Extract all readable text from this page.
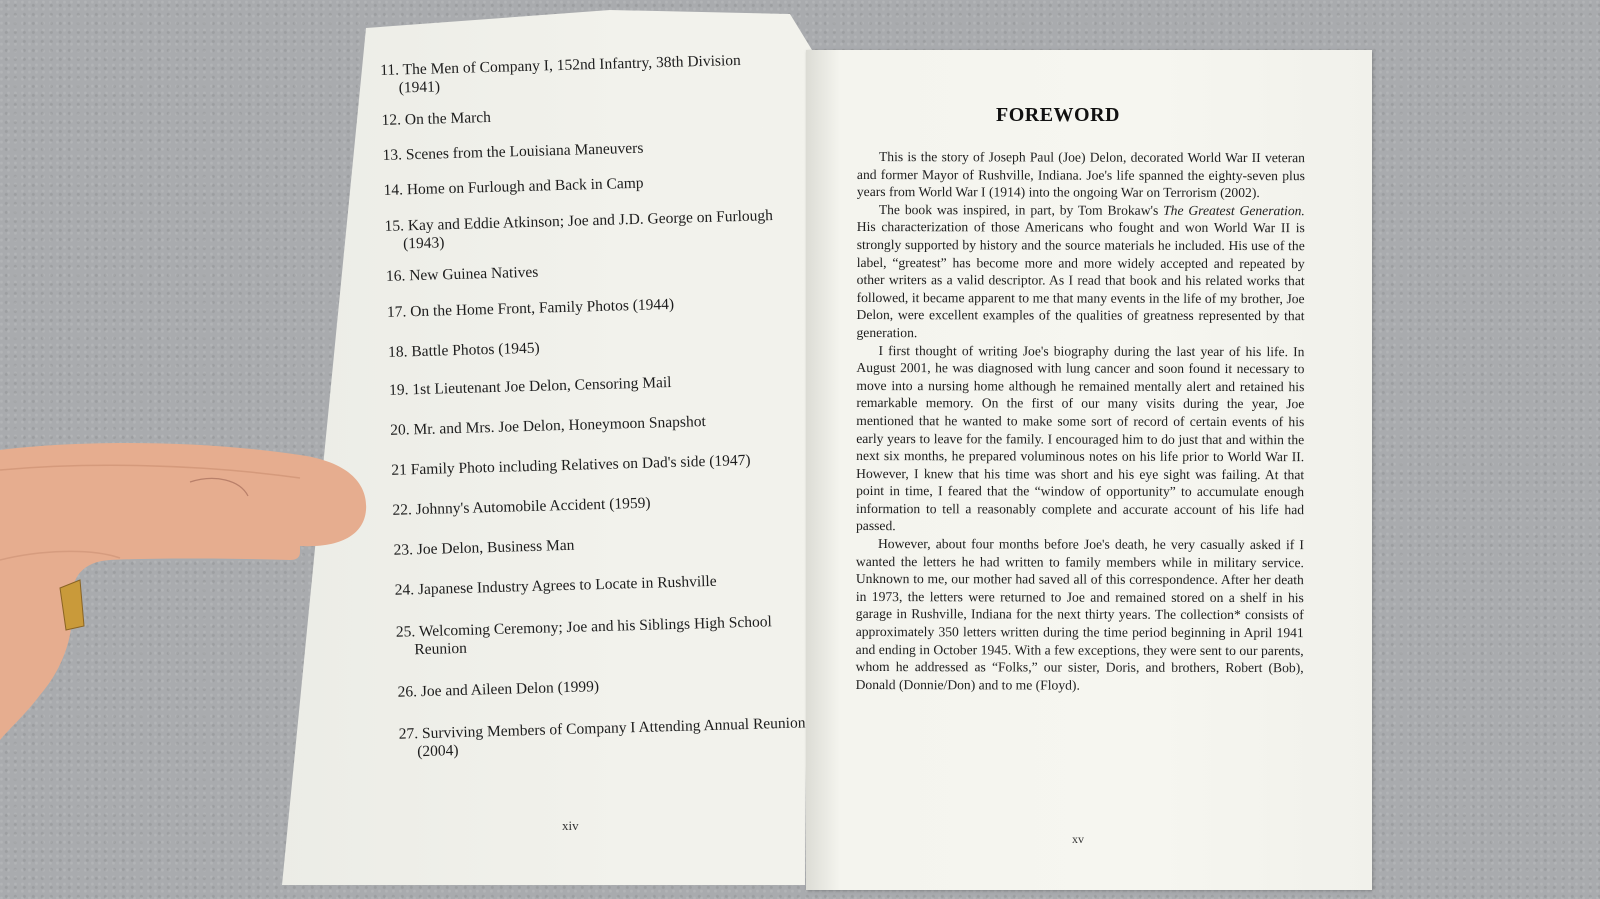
11. The Men of Company I, 152nd Infantry, 38th Division
(1941)
12. On the March
13. Scenes from the Louisiana Maneuvers
14. Home on Furlough and Back in Camp
15. Kay and Eddie Atkinson; Joe and J.D. George on Furlough
(1943)
16. New Guinea Natives
17. On the Home Front, Family Photos (1944)
18. Battle Photos (1945)
19. 1st Lieutenant Joe Delon, Censoring Mail
20. Mr. and Mrs. Joe Delon, Honeymoon Snapshot
21 Family Photo including Relatives on Dad's side (1947)
22. Johnny's Automobile Accident (1959)
23. Joe Delon, Business Man
24. Japanese Industry Agrees to Locate in Rushville
25. Welcoming Ceremony; Joe and his Siblings High School
Reunion
26. Joe and Aileen Delon (1999)
27. Surviving Members of Company I Attending Annual Reunion
(2004)
xiv
FOREWORD

This is the story of Joseph Paul (Joe) Delon, decorated World War II veteran and former Mayor of Rushville, Indiana. Joe's life spanned the eighty-seven plus years from World War I (1914) into the ongoing War on Terrorism (2002).

The book was inspired, in part, by Tom Brokaw's The Greatest Generation. His characterization of those Americans who fought and won World War II is strongly supported by history and the source materials he included. His use of the label, “greatest” has become more and more widely accepted and repeated by other writers as a valid descriptor. As I read that book and his related works that followed, it became apparent to me that many events in the life of my brother, Joe Delon, were excellent examples of the qualities of greatness represented by that generation.

I first thought of writing Joe's biography during the last year of his life. In August 2001, he was diagnosed with lung cancer and soon found it necessary to move into a nursing home although he remained mentally alert and retained his remarkable memory. On the first of our many visits during the year, Joe mentioned that he wanted to make some sort of record of certain events of his early years to leave for the family. I encouraged him to do just that and within the next six months, he prepared voluminous notes on his life prior to World War II. However, I knew that his time was short and his eye sight was failing. At that point in time, I feared that the “window of opportunity” to accumulate enough information to tell a reasonably complete and accurate account of his life had passed.

However, about four months before Joe's death, he very casually asked if I wanted the letters he had written to family members while in military service. Unknown to me, our mother had saved all of this correspondence. After her death in 1973, the letters were returned to Joe and remained stored on a shelf in his garage in Rushville, Indiana for the next thirty years. The collection* consists of approximately 350 letters written during the time period beginning in April 1941 and ending in October 1945. With a few exceptions, they were sent to our parents, whom he addressed as “Folks,” our sister, Doris, and brothers, Robert (Bob), Donald (Donnie/Don) and to me (Floyd).

xv
